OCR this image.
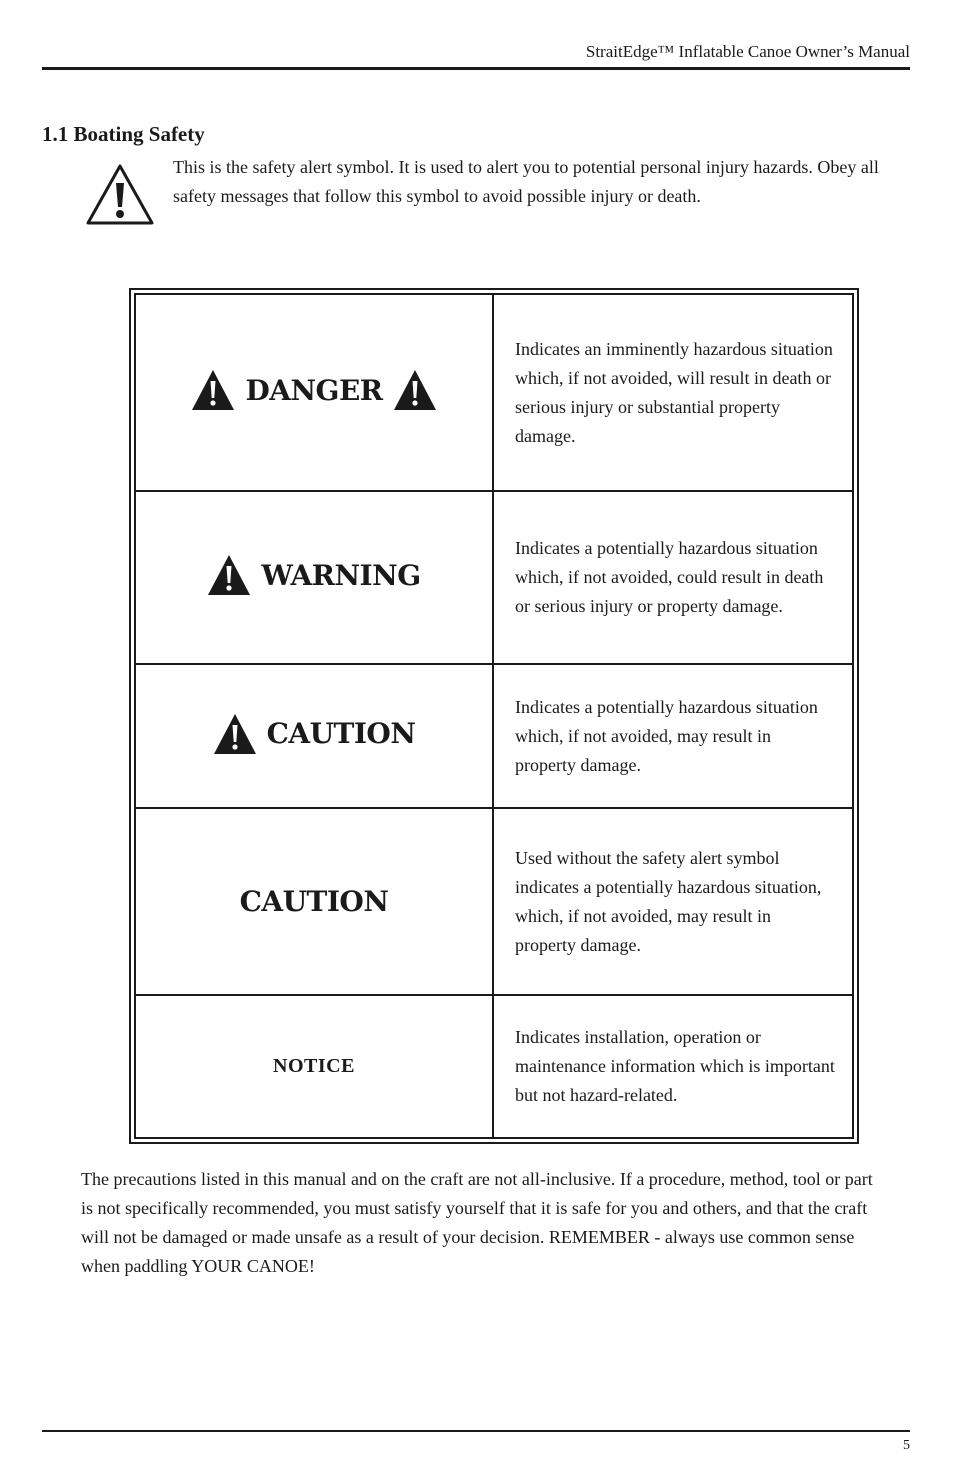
StraitEdge™ Inflatable Canoe Owner’s Manual
1.1 Boating Safety

This is the safety alert symbol. It is used to alert you to potential personal injury hazards. Obey all safety messages that follow this symbol to avoid possible injury or death.

DANGER	Indicates an imminently hazardous situation which, if not avoided, will result in death or serious injury or substantial property damage.

WARNING	Indicates a potentially hazardous situation which, if not avoided, could result in death or serious injury or property damage.

CAUTION	Indicates a potentially hazardous situation which, if not avoided, may result in property damage.

CAUTION	Used without the safety alert symbol indicates a potentially hazardous situation, which, if not avoided, may result in property damage.
NOTICE	Indicates installation, operation or maintenance information which is important but not hazard-related.

The precautions listed in this manual and on the craft are not all-inclusive. If a procedure, method, tool or part is not specifically recommended, you must satisfy yourself that it is safe for you and others, and that the craft will not be damaged or made unsafe as a result of your decision. REMEMBER - always use common sense when paddling YOUR CANOE!

5
